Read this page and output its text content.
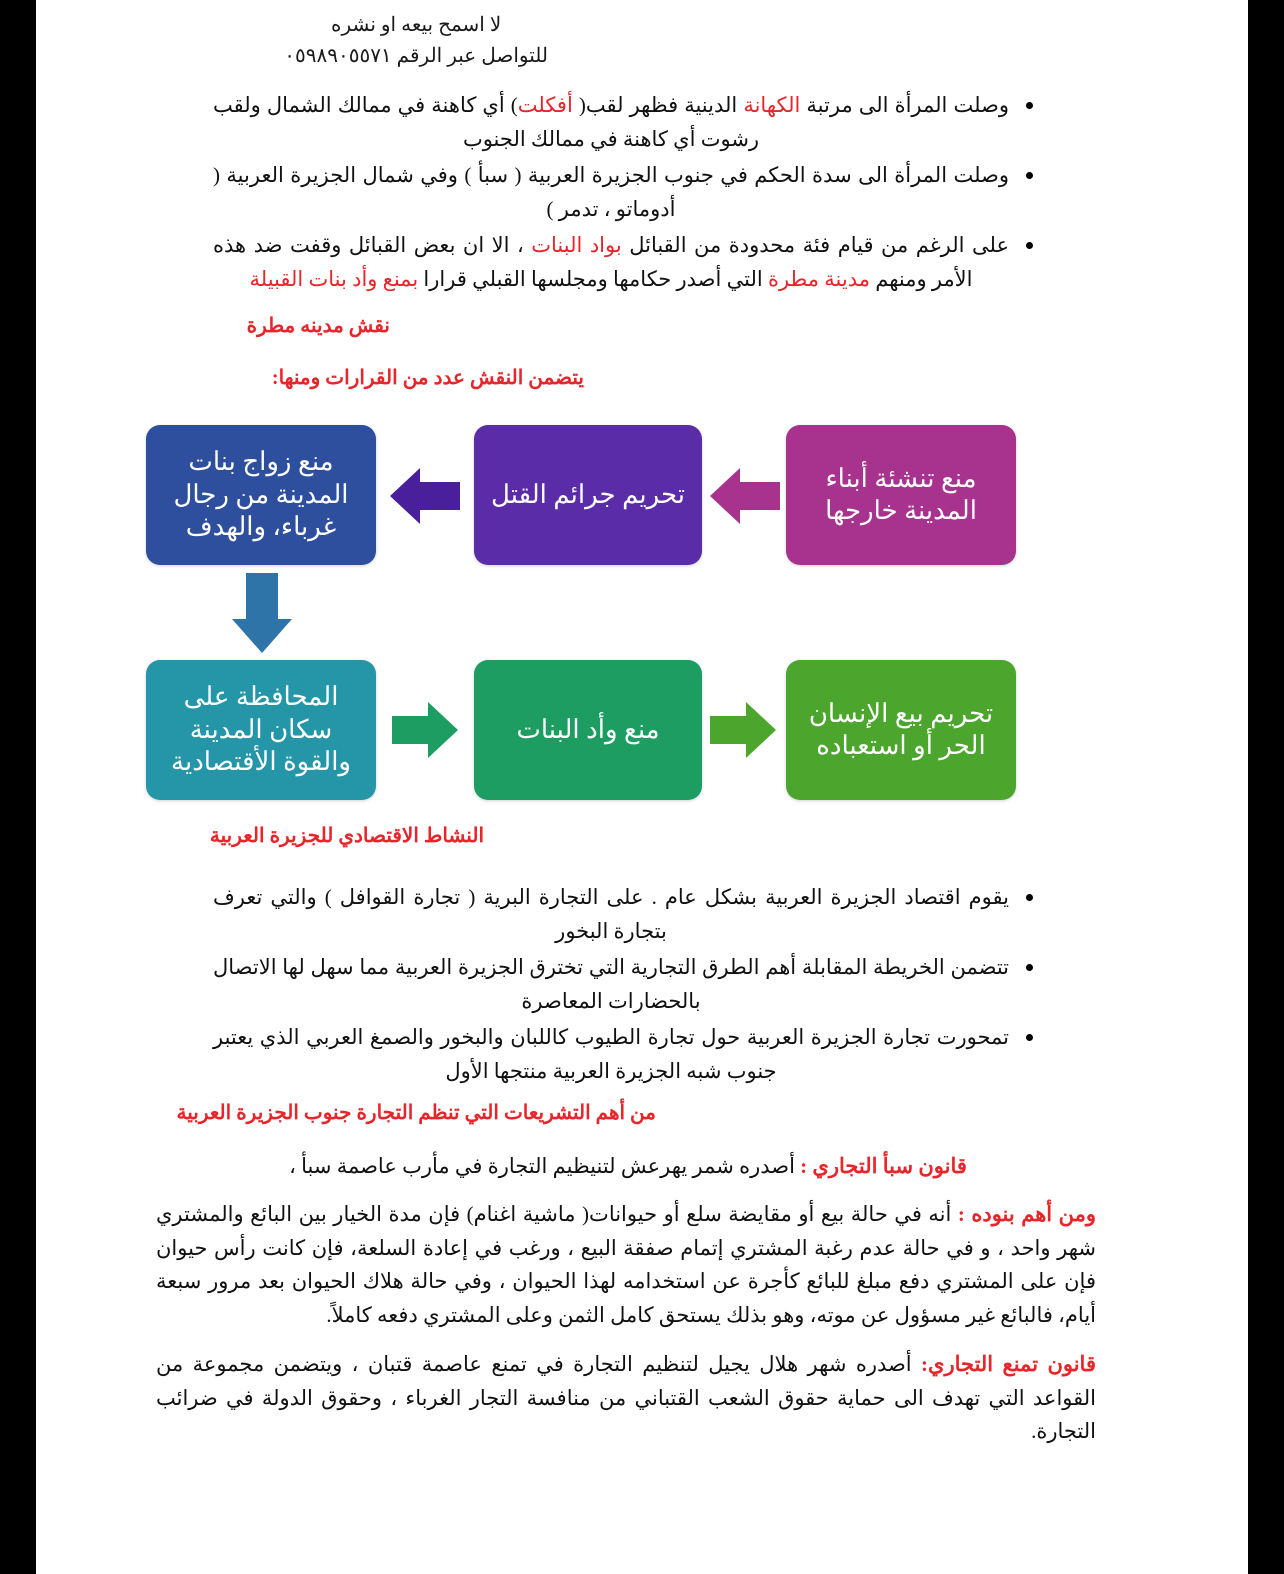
لا اسمح بيعه او نشره
للتواصل عبر الرقم ٠٥٩٨٩٠٥٥٧١
وصلت المرأة الى مرتبة الكهانة الدينية فظهر لقب( أفكلت) أي كاهنة في ممالك الشمال ولقب رشوت أي كاهنة في ممالك الجنوب
وصلت المرأة الى سدة الحكم في جنوب الجزيرة العربية ( سبأ ) وفي شمال الجزيرة العربية ( أدوماتو ، تدمر )
على الرغم من قيام فئة محدودة من القبائل بواد البنات ، الا ان بعض القبائل وقفت ضد هذه الأمر ومنهم مدينة مطرة التي أصدر حكامها ومجلسها القبلي قرارا بمنع وأد بنات القبيلة
نقش مدينه مطرة
يتضمن النقش عدد من القرارات ومنها:
منع تنشئة أبناء المدينة خارجها
تحريم جرائم القتل
منع زواج بنات المدينة من رجال غرباء، والهدف
المحافظة على سكان المدينة والقوة الأقتصادية
منع وأد البنات
تحريم بيع الإنسان الحر أو استعباده
النشاط الاقتصادي للجزيرة العربية
يقوم اقتصاد الجزيرة العربية بشكل عام . على التجارة البرية ( تجارة القوافل ) والتي تعرف بتجارة البخور
تتضمن الخريطة المقابلة أهم الطرق التجارية التي تخترق الجزيرة العربية مما سهل لها الاتصال بالحضارات المعاصرة
تمحورت تجارة الجزيرة العربية حول تجارة الطيوب كاللبان والبخور والصمغ العربي الذي يعتبر جنوب شبه الجزيرة العربية منتجها الأول
من أهم التشريعات التي تنظم التجارة جنوب الجزيرة العربية
قانون سبأ التجاري : أصدره شمر يهرعش لتنيظيم التجارة في مأرب عاصمة سبأ ،
ومن أهم بنوده : أنه في حالة بيع أو مقايضة سلع أو حيوانات( ماشية اغنام) فإن مدة الخيار بين البائع والمشتري شهر واحد ، و في حالة عدم رغبة المشتري إتمام صفقة البيع ، ورغب في إعادة السلعة، فإن كانت رأس حيوان فإن على المشتري دفع مبلغ للبائع كأجرة عن استخدامه لهذا الحيوان ، وفي حالة هلاك الحيوان بعد مرور سبعة أيام، فالبائع غير مسؤول عن موته، وهو بذلك يستحق كامل الثمن وعلى المشتري دفعه كاملاً.
قانون تمنع التجاري: أصدره شهر هلال يجيل لتنظيم التجارة في تمنع عاصمة قتبان ، ويتضمن مجموعة من القواعد التي تهدف الى حماية حقوق الشعب القتباني من منافسة التجار الغرباء ، وحقوق الدولة في ضرائب التجارة.
